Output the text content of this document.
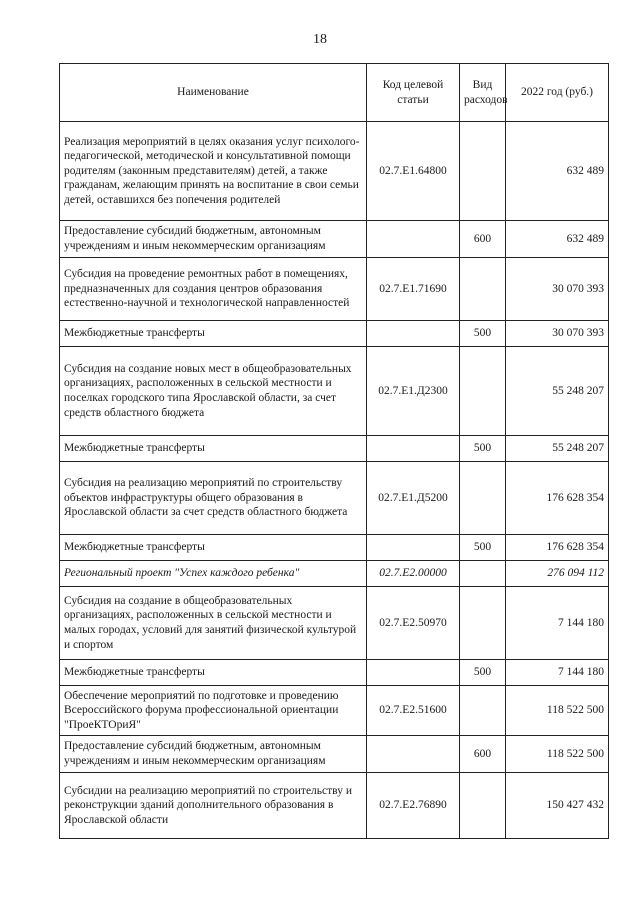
18
Наименование	Код целевой статьи	Вид расходов	2022 год (руб.)
Реализация мероприятий в целях оказания услуг психолого-педагогической, методической и консультативной помощи родителям (законным представителям) детей, а также гражданам, желающим принять на воспитание в свои семьи детей, оставшихся без попечения родителей	02.7.E1.64800		632 489
Предоставление субсидий бюджетным, автономным учреждениям и иным некоммерческим организациям		600	632 489
Субсидия на проведение ремонтных работ в помещениях, предназначенных для создания центров образования естественно-научной и технологической направленностей	02.7.E1.71690		30 070 393
Межбюджетные трансферты		500	30 070 393
Субсидия на создание новых мест в общеобразовательных организациях, расположенных в сельской местности и поселках городского типа Ярославской области, за счет средств областного бюджета	02.7.E1.Д2300		55 248 207
Межбюджетные трансферты		500	55 248 207
Субсидия на реализацию мероприятий по строительству объектов инфраструктуры общего образования в Ярославской области за счет средств областного бюджета	02.7.E1.Д5200		176 628 354
Межбюджетные трансферты		500	176 628 354
Региональный проект "Успех каждого ребенка"	02.7.E2.00000		276 094 112
Субсидия на создание в общеобразовательных организациях, расположенных в сельской местности и малых городах, условий для занятий физической культурой и спортом	02.7.E2.50970		7 144 180
Межбюджетные трансферты		500	7 144 180
Обеспечение мероприятий по подготовке и проведению Всероссийского форума профессиональной ориентации "ПроеКТОриЯ"	02.7.E2.51600		118 522 500
Предоставление субсидий бюджетным, автономным учреждениям и иным некоммерческим организациям		600	118 522 500
Субсидии на реализацию мероприятий по строительству и реконструкции зданий дополнительного образования в Ярославской области	02.7.E2.76890		150 427 432
